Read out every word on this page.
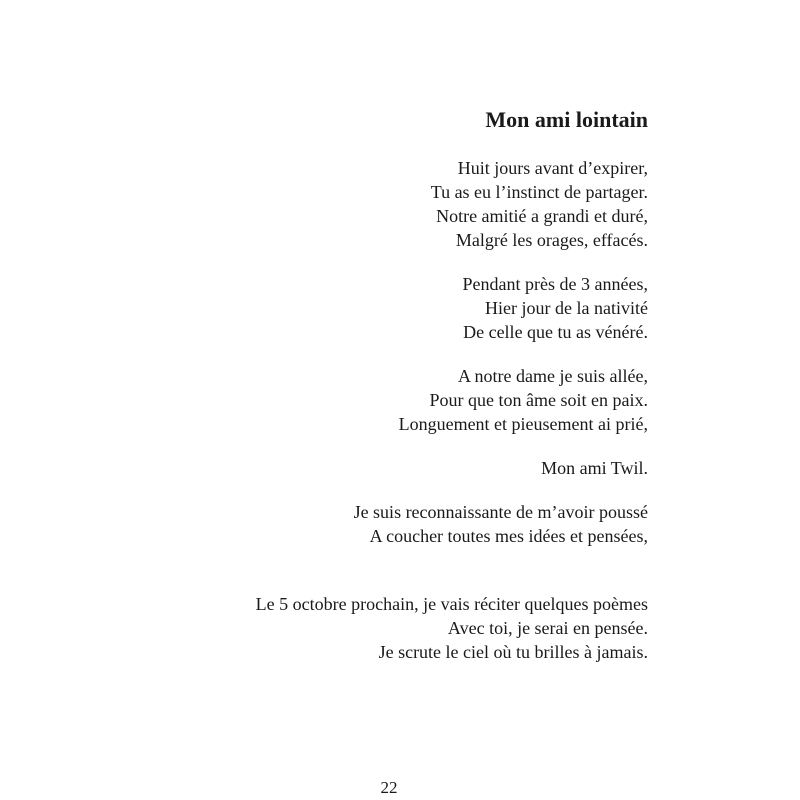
Mon ami lointain
Huit jours avant d’expirer,
Tu as eu l’instinct de partager.
Notre amitié a grandi et duré,
Malgré les orages, effacés.
Pendant près de 3 années,
Hier jour de la nativité
De celle que tu as vénéré.
A notre dame je suis allée,
Pour que ton âme soit en paix.
Longuement et pieusement ai prié,
Mon ami Twil.
Je suis reconnaissante de m’avoir poussé
A coucher toutes mes idées et pensées,
Le 5 octobre prochain, je vais réciter quelques poèmes
Avec toi, je serai en pensée.
Je scrute le ciel où tu brilles à jamais.
22
